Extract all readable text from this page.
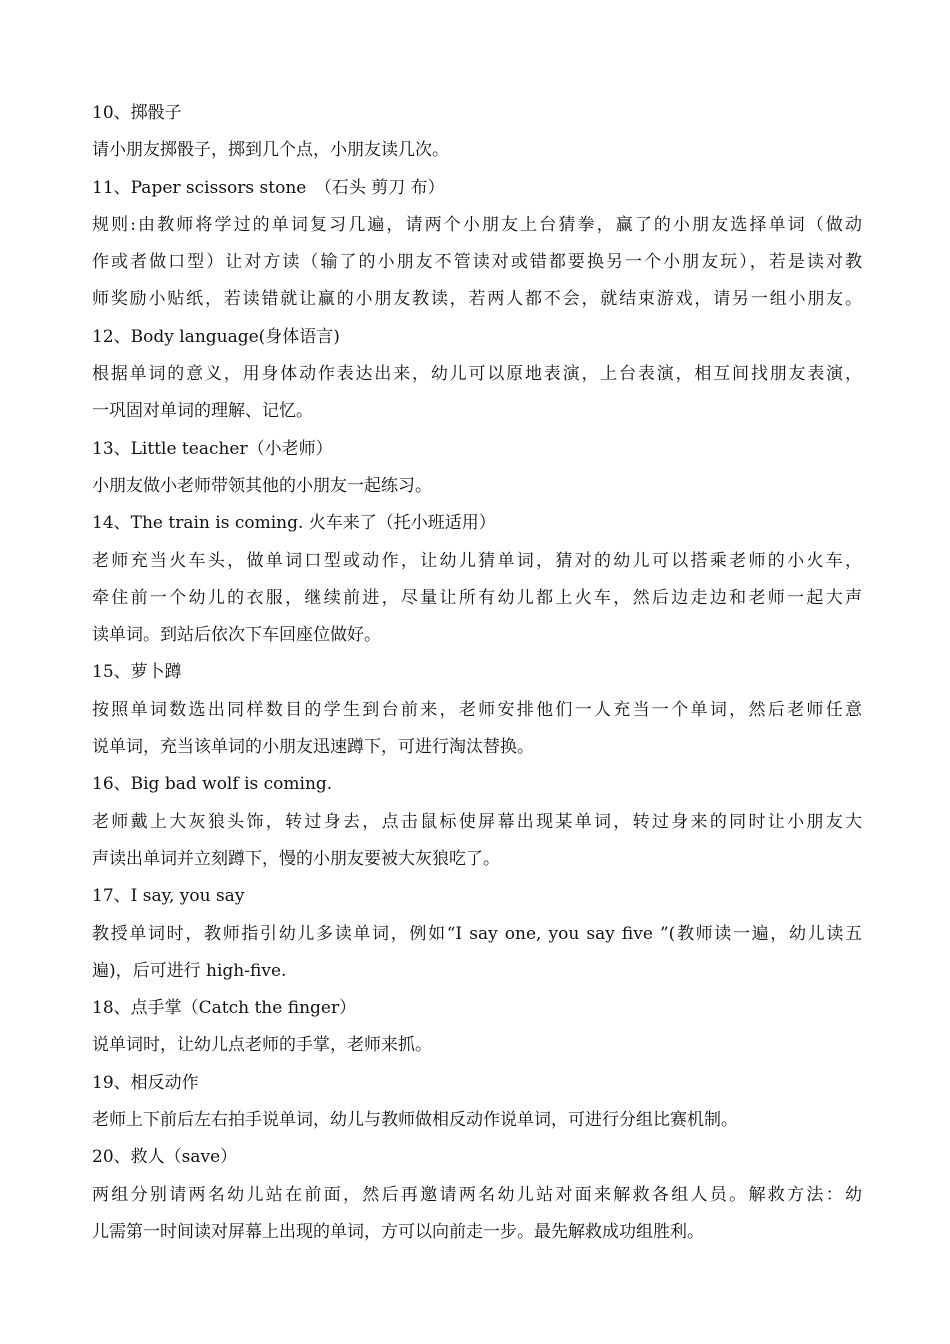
10、掷骰子
请小朋友掷骰子，掷到几个点，小朋友读几次。
11、Paper scissors stone　（石头 剪刀 布）
规则:由教师将学过的单词复习几遍，请两个小朋友上台猜拳，赢了的小朋友选择单词（做动
作或者做口型）让对方读（输了的小朋友不管读对或错都要换另一个小朋友玩），若是读对教
师奖励小贴纸，若读错就让赢的小朋友教读，若两人都不会，就结束游戏，请另一组小朋友。
12、Body language(身体语言)
根据单词的意义，用身体动作表达出来，幼儿可以原地表演，上台表演，相互间找朋友表演，
一巩固对单词的理解、记忆。
13、Little teacher（小老师）
小朋友做小老师带领其他的小朋友一起练习。
14、The train is coming. 火车来了（托小班适用）
老师充当火车头，做单词口型或动作，让幼儿猜单词，猜对的幼儿可以搭乘老师的小火车，
牵住前一个幼儿的衣服，继续前进，尽量让所有幼儿都上火车，然后边走边和老师一起大声
读单词。到站后依次下车回座位做好。
15、萝卜蹲
按照单词数选出同样数目的学生到台前来，老师安排他们一人充当一个单词，然后老师任意
说单词，充当该单词的小朋友迅速蹲下，可进行淘汰替换。
16、Big bad wolf is coming.
老师戴上大灰狼头饰，转过身去，点击鼠标使屏幕出现某单词，转过身来的同时让小朋友大
声读出单词并立刻蹲下，慢的小朋友要被大灰狼吃了。
17、I say, you say
教授单词时，教师指引幼儿多读单词，例如“I say one, you say five ”(教师读一遍，幼儿读五
遍)，后可进行 high-five.
18、点手掌（Catch the finger）
说单词时，让幼儿点老师的手掌，老师来抓。
19、相反动作
老师上下前后左右拍手说单词，幼儿与教师做相反动作说单词，可进行分组比赛机制。
20、救人（save）
两组分别请两名幼儿站在前面，然后再邀请两名幼儿站对面来解救各组人员。解救方法：幼
儿需第一时间读对屏幕上出现的单词，方可以向前走一步。最先解救成功组胜利。
